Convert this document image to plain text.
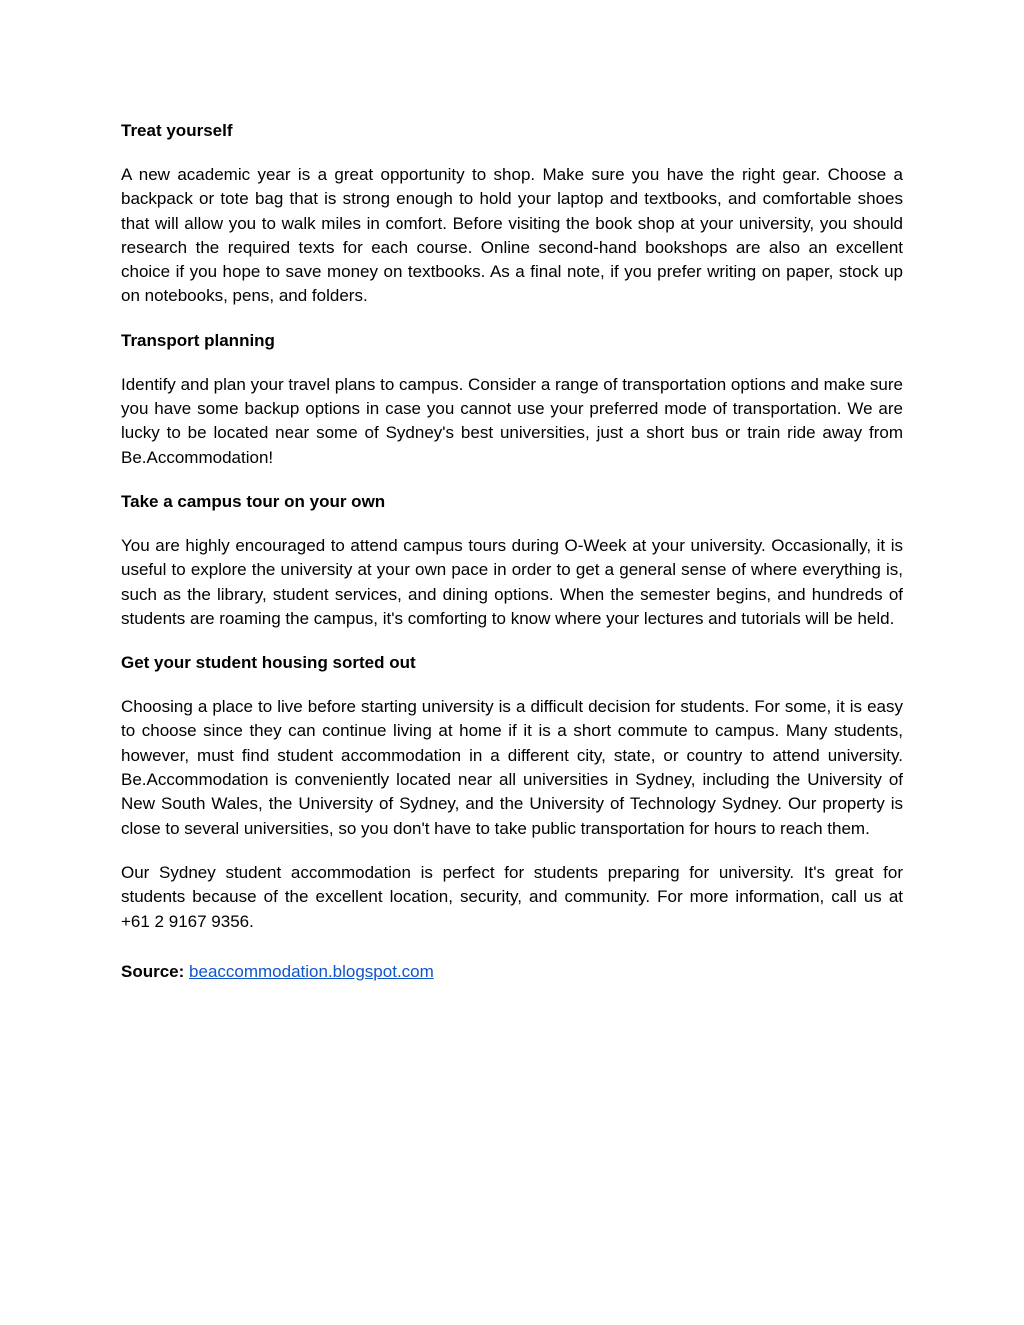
Treat yourself

A new academic year is a great opportunity to shop. Make sure you have the right gear. Choose a backpack or tote bag that is strong enough to hold your laptop and textbooks, and comfortable shoes that will allow you to walk miles in comfort. Before visiting the book shop at your university, you should research the required texts for each course. Online second-hand bookshops are also an excellent choice if you hope to save money on textbooks. As a final note, if you prefer writing on paper, stock up on notebooks, pens, and folders.

Transport planning

Identify and plan your travel plans to campus. Consider a range of transportation options and make sure you have some backup options in case you cannot use your preferred mode of transportation. We are lucky to be located near some of Sydney's best universities, just a short bus or train ride away from Be.Accommodation!

Take a campus tour on your own

You are highly encouraged to attend campus tours during O-Week at your university. Occasionally, it is useful to explore the university at your own pace in order to get a general sense of where everything is, such as the library, student services, and dining options. When the semester begins, and hundreds of students are roaming the campus, it's comforting to know where your lectures and tutorials will be held.

Get your student housing sorted out

Choosing a place to live before starting university is a difficult decision for students. For some, it is easy to choose since they can continue living at home if it is a short commute to campus. Many students, however, must find student accommodation in a different city, state, or country to attend university. Be.Accommodation is conveniently located near all universities in Sydney, including the University of New South Wales, the University of Sydney, and the University of Technology Sydney. Our property is close to several universities, so you don't have to take public transportation for hours to reach them.

Our Sydney student accommodation is perfect for students preparing for university. It's great for students because of the excellent location, security, and community. For more information, call us at +61 2 9167 9356.

Source: beaccommodation.blogspot.com
